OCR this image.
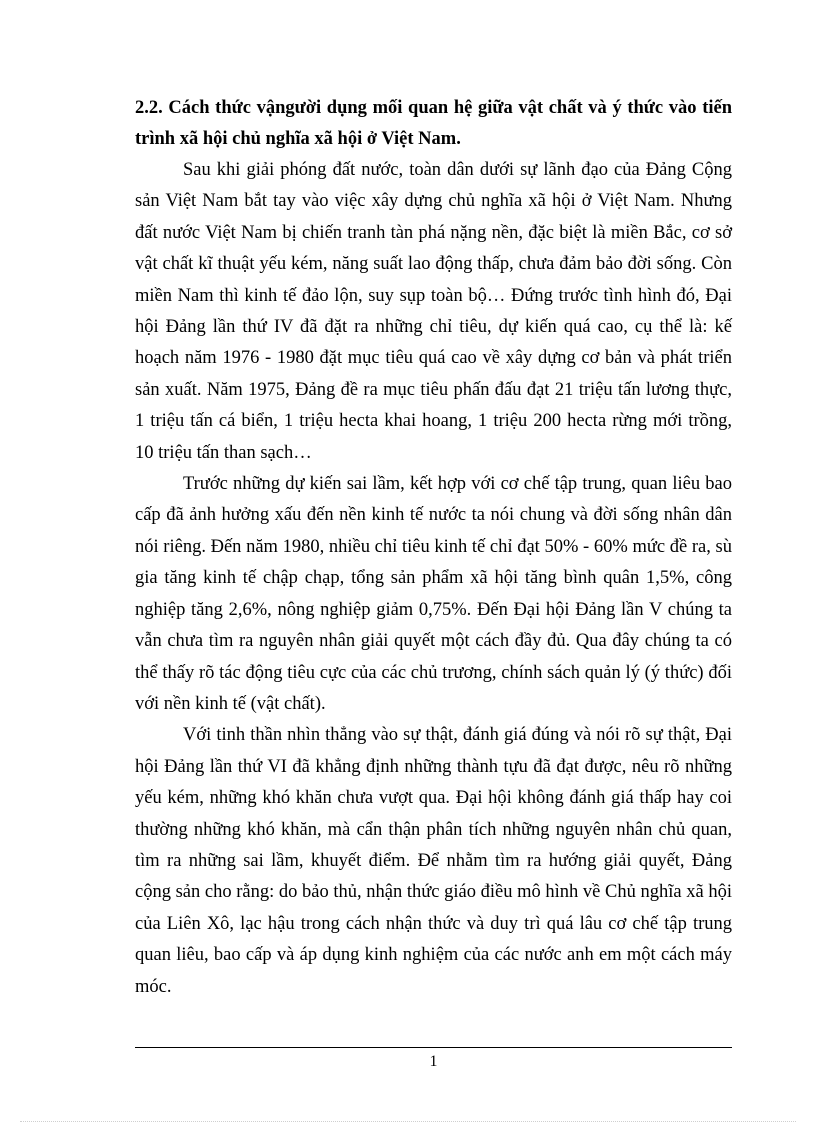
2.2. Cách thức vậngười dụng mối quan hệ giữa vật chất và ý thức vào tiến trình xã hội chủ nghĩa xã hội ở Việt Nam.

Sau khi giải phóng đất nước, toàn dân dưới sự lãnh đạo của Đảng Cộng sản Việt Nam bắt tay vào việc xây dựng chủ nghĩa xã hội ở Việt Nam. Nhưng đất nước Việt Nam bị chiến tranh tàn phá nặng nền, đặc biệt là miền Bắc, cơ sở vật chất kĩ thuật yếu kém, năng suất lao động thấp, chưa đảm bảo đời sống. Còn miền Nam thì kinh tế đảo lộn, suy sụp toàn bộ… Đứng trước tình hình đó, Đại hội Đảng lần thứ IV đã đặt ra những chỉ tiêu, dự kiến quá cao, cụ thể là: kế hoạch năm 1976 - 1980 đặt mục tiêu quá cao về xây dựng cơ bản và phát triển sản xuất. Năm 1975, Đảng đề ra mục tiêu phấn đấu đạt 21 triệu tấn lương thực, 1 triệu tấn cá biển, 1 triệu hecta khai hoang, 1 triệu 200 hecta rừng mới trồng, 10 triệu tấn than sạch…

Trước những dự kiến sai lầm, kết hợp với cơ chế tập trung, quan liêu bao cấp đã ảnh hưởng xấu đến nền kinh tế nước ta nói chung và đời sống nhân dân nói riêng. Đến năm 1980, nhiều chỉ tiêu kinh tế chỉ đạt 50% - 60% mức đề ra, sù gia tăng kinh tế chập chạp, tổng sản phẩm xã hội tăng bình quân 1,5%, công nghiệp tăng 2,6%, nông nghiệp giảm 0,75%. Đến Đại hội Đảng lần V chúng ta vẫn chưa tìm ra nguyên nhân giải quyết một cách đầy đủ. Qua đây chúng ta có thể thấy rõ tác động tiêu cực của các chủ trương, chính sách quản lý (ý thức) đối với nền kinh tế (vật chất).

Với tinh thần nhìn thẳng vào sự thật, đánh giá đúng và nói rõ sự thật, Đại hội Đảng lần thứ VI đã khẳng định những thành tựu đã đạt được, nêu rõ những yếu kém, những khó khăn chưa vượt qua. Đại hội không đánh giá thấp hay coi thường những khó khăn, mà cẩn thận phân tích những nguyên nhân chủ quan, tìm ra những sai lầm, khuyết điểm. Để nhằm tìm ra hướng giải quyết, Đảng cộng sản cho rằng: do bảo thủ, nhận thức giáo điều mô hình về Chủ nghĩa xã hội của Liên Xô, lạc hậu trong cách nhận thức và duy trì quá lâu cơ chế tập trung quan liêu, bao cấp và áp dụng kinh nghiệm của các nước anh em một cách máy móc.

1
